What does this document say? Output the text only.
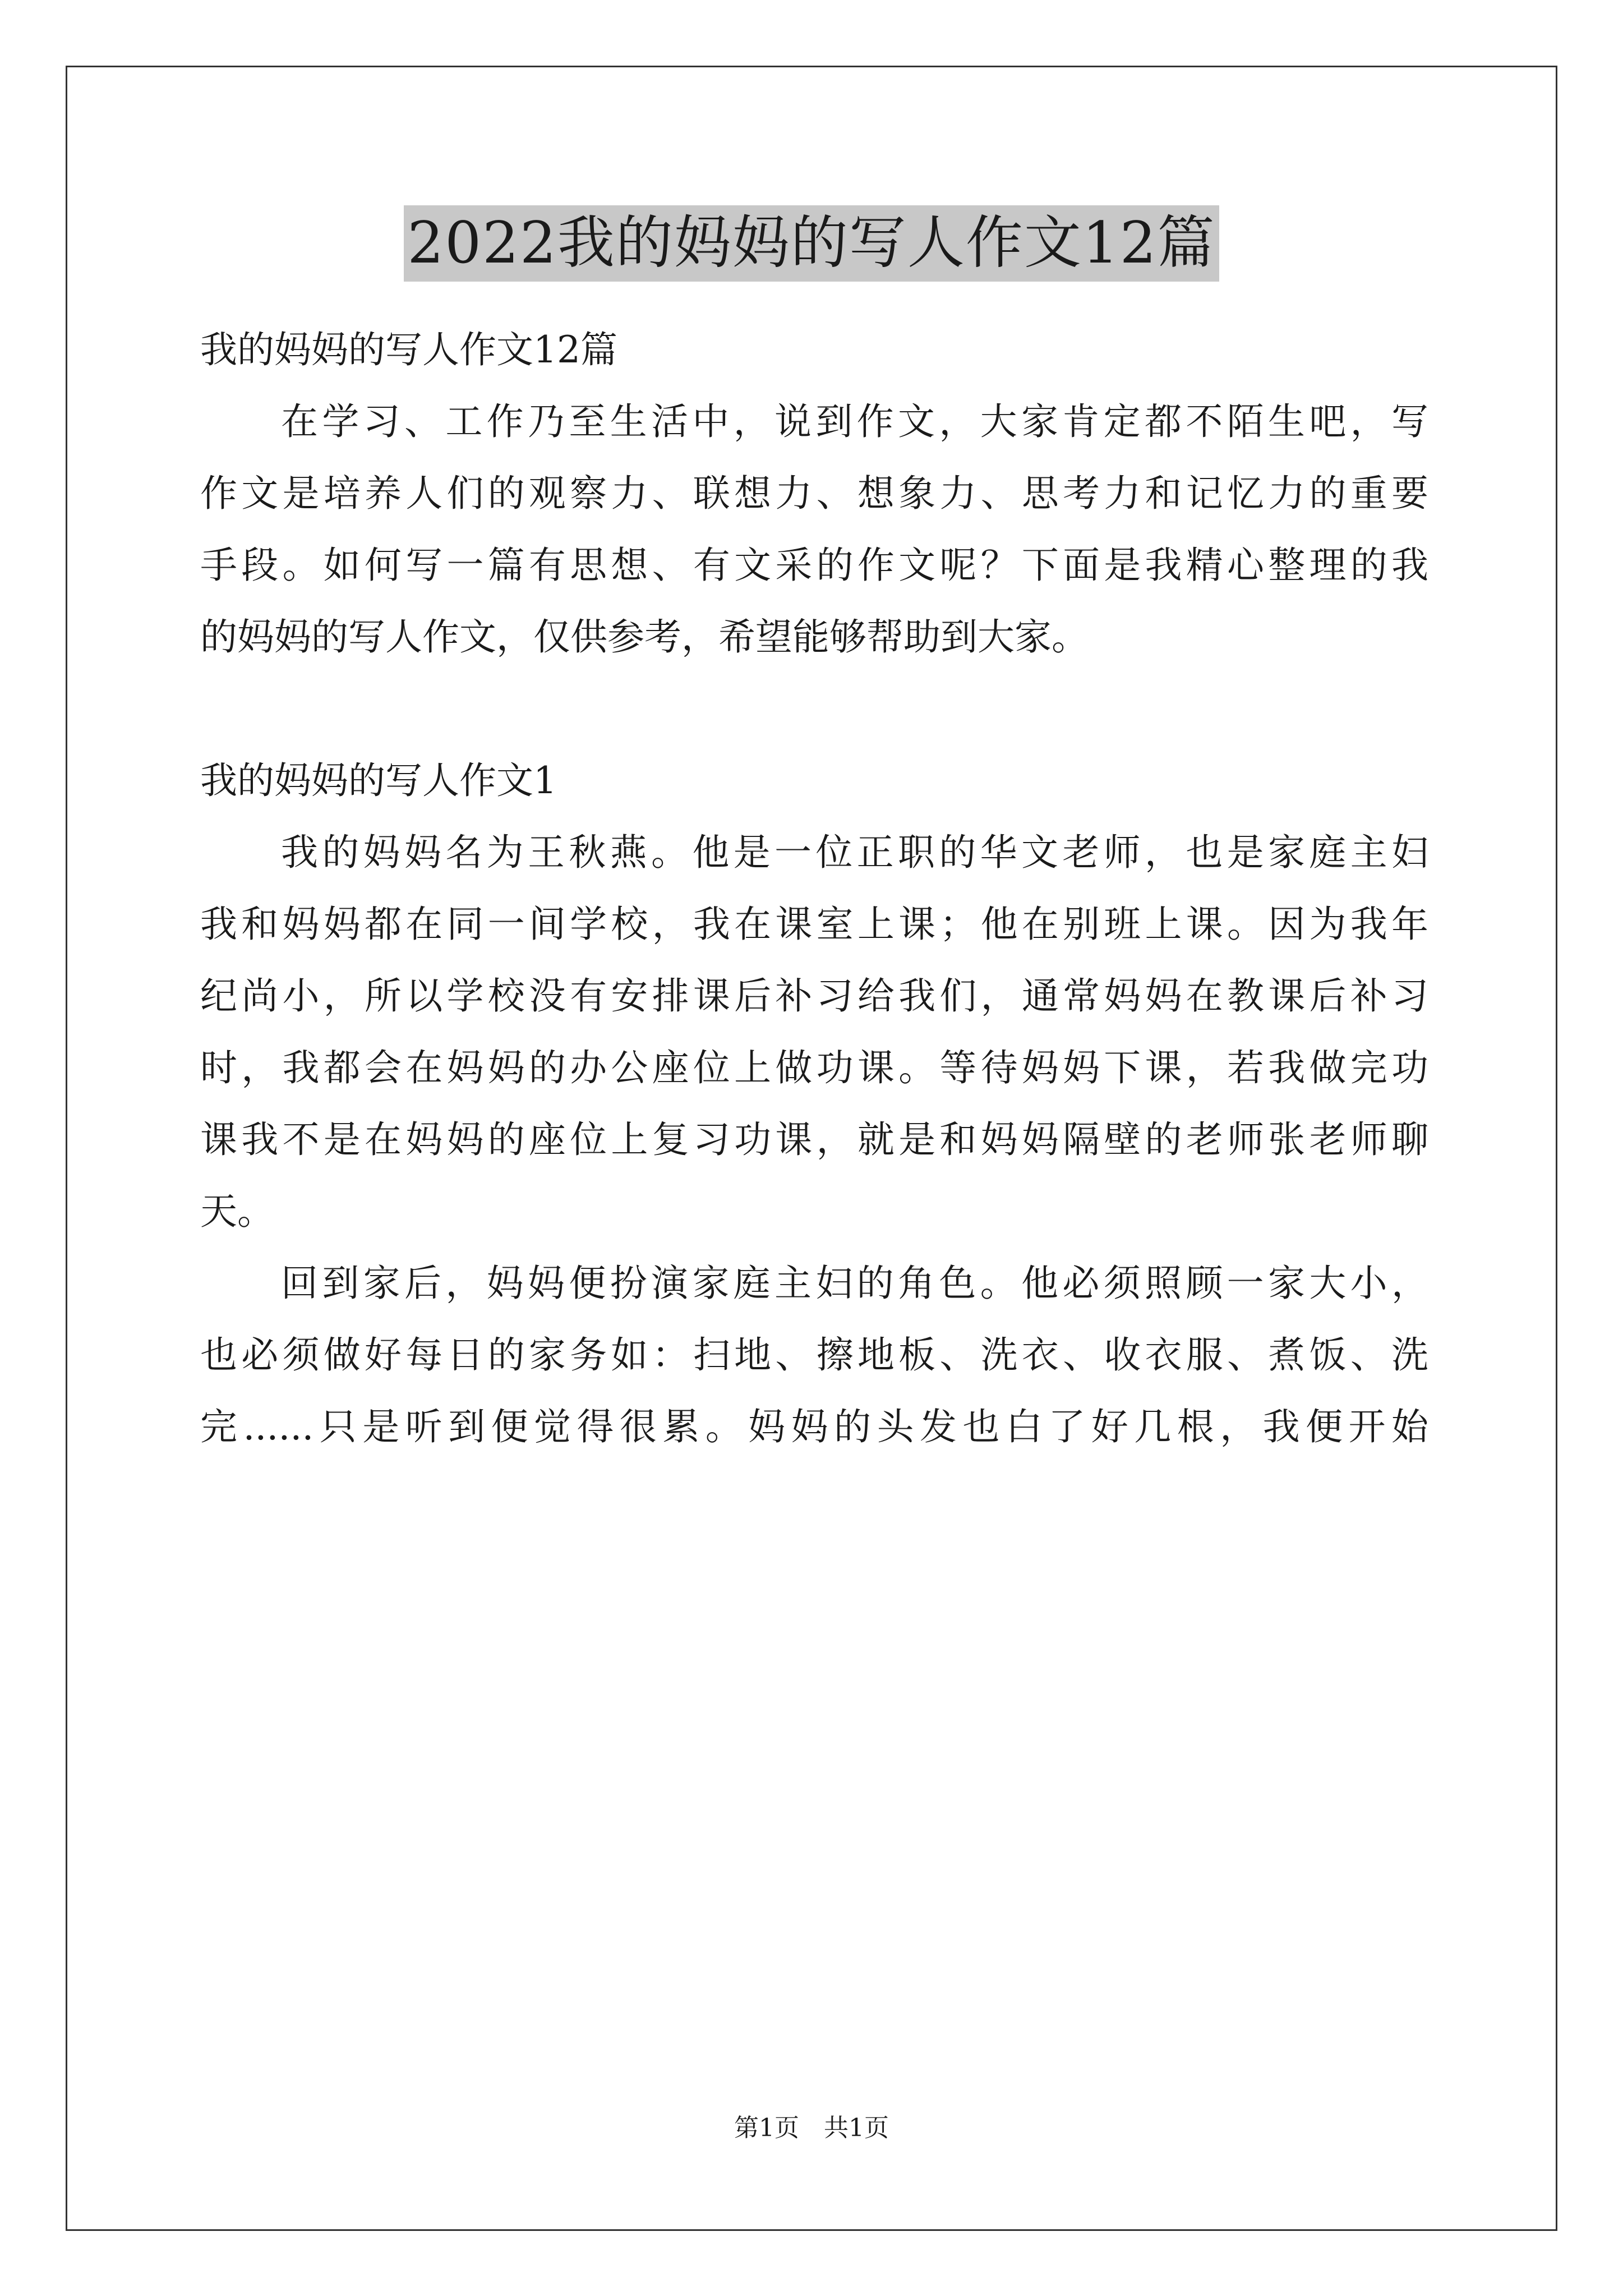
2022我的妈妈的写人作文12篇
我的妈妈的写人作文12篇
在学习、工作乃至生活中，说到作文，大家肯定都不陌生吧，写
作文是培养人们的观察力、联想力、想象力、思考力和记忆力的重要
手段。如何写一篇有思想、有文采的作文呢？下面是我精心整理的我
的妈妈的写人作文，仅供参考，希望能够帮助到大家。
我的妈妈的写人作文1
我的妈妈名为王秋燕。他是一位正职的华文老师，也是家庭主妇
我和妈妈都在同一间学校，我在课室上课；他在别班上课。因为我年
纪尚小，所以学校没有安排课后补习给我们，通常妈妈在教课后补习
时，我都会在妈妈的办公座位上做功课。等待妈妈下课，若我做完功
课我不是在妈妈的座位上复习功课，就是和妈妈隔壁的老师张老师聊
天。
回到家后，妈妈便扮演家庭主妇的角色。他必须照顾一家大小，
也必须做好每日的家务如：扫地、擦地板、洗衣、收衣服、煮饭、洗
完......只是听到便觉得很累。妈妈的头发也白了好几根，我便开始
第1页　共1页
